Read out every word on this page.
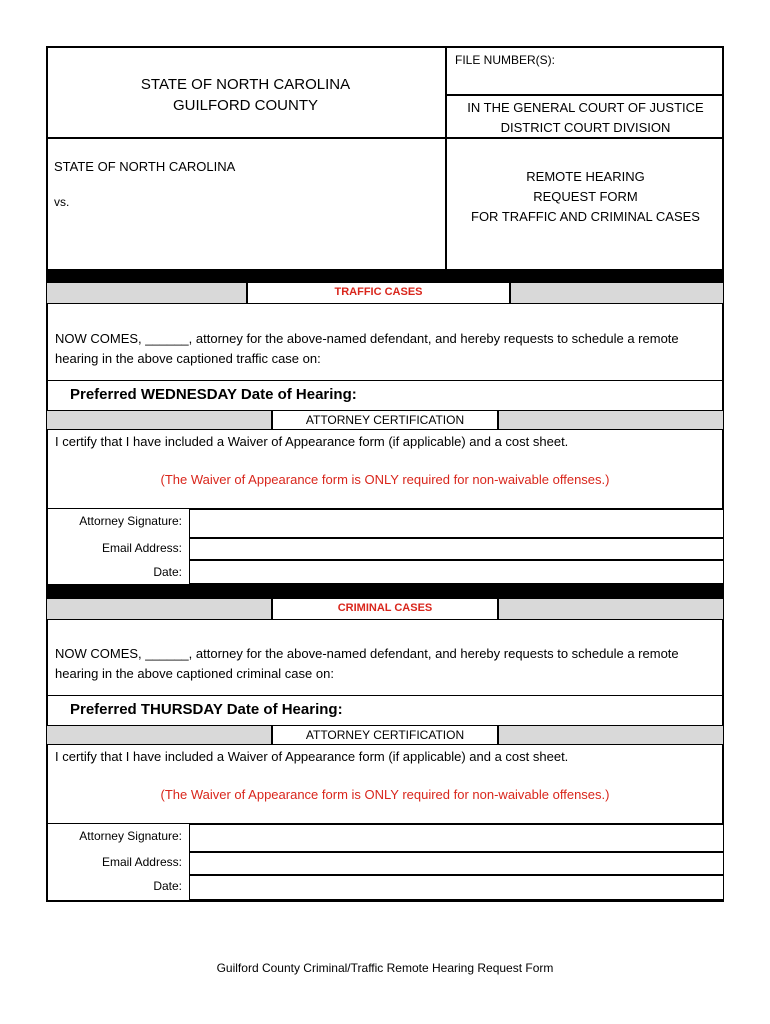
STATE OF NORTH CAROLINA
GUILFORD COUNTY
FILE NUMBER(S):
IN THE GENERAL COURT OF JUSTICE
DISTRICT COURT DIVISION
STATE OF NORTH CAROLINA
vs.
REMOTE HEARING
REQUEST FORM
FOR TRAFFIC AND CRIMINAL CASES
TRAFFIC CASES
NOW COMES, ______, attorney for the above-named defendant, and hereby requests to schedule a remote
hearing in the above captioned traffic case on:
Preferred WEDNESDAY Date of Hearing:
ATTORNEY CERTIFICATION
I certify that I have included a Waiver of Appearance form (if applicable) and a cost sheet.
(The Waiver of Appearance form is ONLY required for non-waivable offenses.)
Attorney Signature:
Email Address:
Date:
CRIMINAL CASES
NOW COMES, ______, attorney for the above-named defendant, and hereby requests to schedule a remote
hearing in the above captioned criminal case on:
Preferred THURSDAY Date of Hearing:
ATTORNEY CERTIFICATION
I certify that I have included a Waiver of Appearance form (if applicable) and a cost sheet.
(The Waiver of Appearance form is ONLY required for non-waivable offenses.)
Attorney Signature:
Email Address:
Date:
Guilford County Criminal/Traffic Remote Hearing Request Form
